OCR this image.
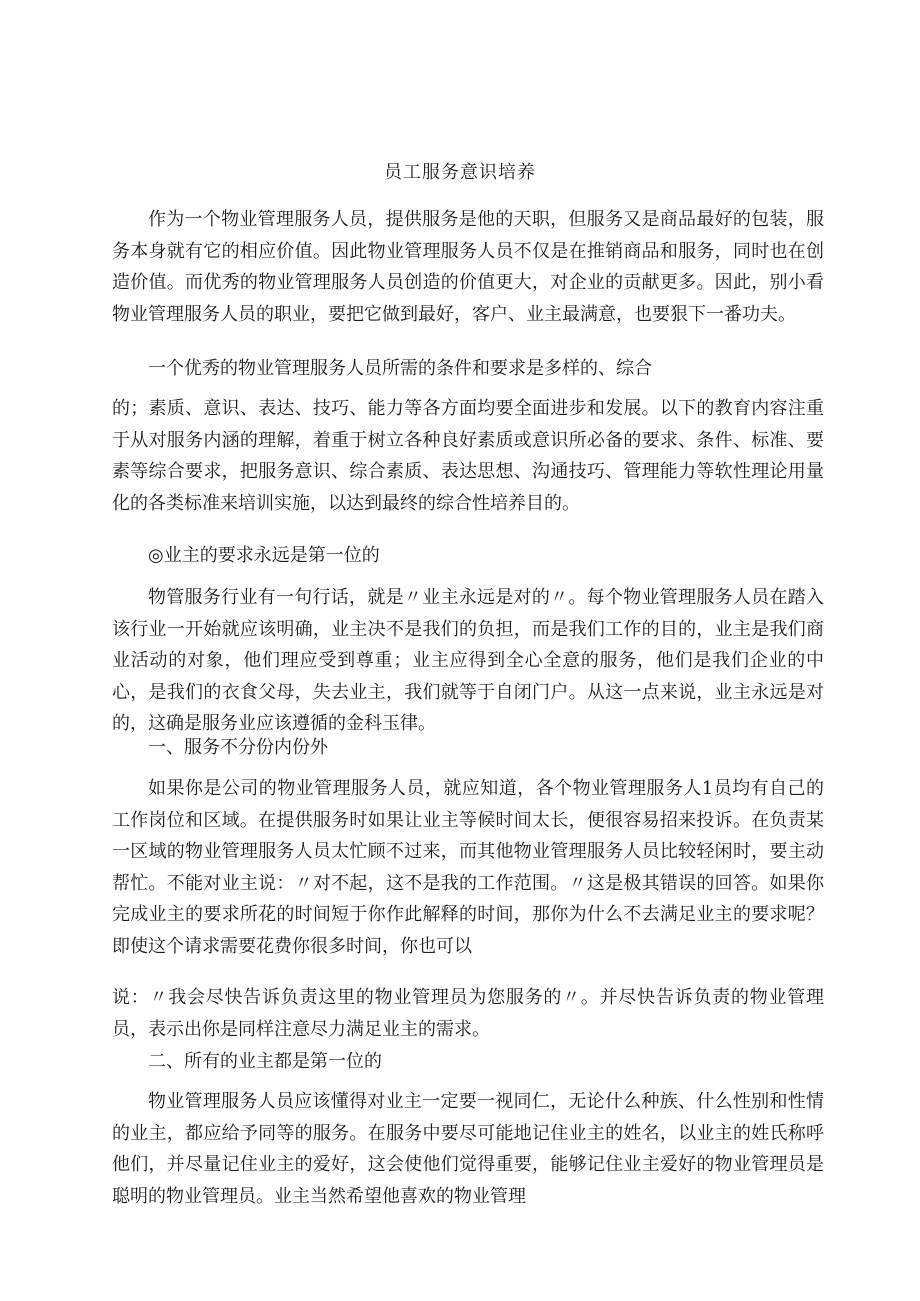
员工服务意识培养

作为一个物业管理服务人员，提供服务是他的天职，但服务又是商品最好的包装，服务本身就有它的相应价值。因此物业管理服务人员不仅是在推销商品和服务，同时也在创造价值。而优秀的物业管理服务人员创造的价值更大，对企业的贡献更多。因此，别小看物业管理服务人员的职业，要把它做到最好，客户、业主最满意，也要狠下一番功夫。

一个优秀的物业管理服务人员所需的条件和要求是多样的、综合

的；素质、意识、表达、技巧、能力等各方面均要全面进步和发展。以下的教育内容注重于从对服务内涵的理解，着重于树立各种良好素质或意识所必备的要求、条件、标准、要素等综合要求，把服务意识、综合素质、表达思想、沟通技巧、管理能力等软性理论用量化的各类标准来培训实施，以达到最终的综合性培养目的。

◎业主的要求永远是第一位的

物管服务行业有一句行话，就是〃业主永远是对的〃。每个物业管理服务人员在踏入该行业一开始就应该明确，业主决不是我们的负担，而是我们工作的目的，业主是我们商业活动的对象，他们理应受到尊重；业主应得到全心全意的服务，他们是我们企业的中心，是我们的衣食父母，失去业主，我们就等于自闭门户。从这一点来说，业主永远是对的，这确是服务业应该遵循的金科玉律。

一、服务不分份内份外

如果你是公司的物业管理服务人员，就应知道，各个物业管理服务人1员均有自己的工作岗位和区域。在提供服务时如果让业主等候时间太长，便很容易招来投诉。在负责某一区域的物业管理服务人员太忙顾不过来，而其他物业管理服务人员比较轻闲时，要主动帮忙。不能对业主说：〃对不起，这不是我的工作范围。〃这是极其错误的回答。如果你完成业主的要求所花的时间短于你作此解释的时间，那你为什么不去满足业主的要求呢？即使这个请求需要花费你很多时间，你也可以

说：〃我会尽快告诉负责这里的物业管理员为您服务的〃。并尽快告诉负责的物业管理员，表示出你是同样注意尽力满足业主的需求。

二、所有的业主都是第一位的

物业管理服务人员应该懂得对业主一定要一视同仁，无论什么种族、什么性别和性情的业主，都应给予同等的服务。在服务中要尽可能地记住业主的姓名，以业主的姓氏称呼他们，并尽量记住业主的爱好，这会使他们觉得重要，能够记住业主爱好的物业管理员是聪明的物业管理员。业主当然希望他喜欢的物业管理
